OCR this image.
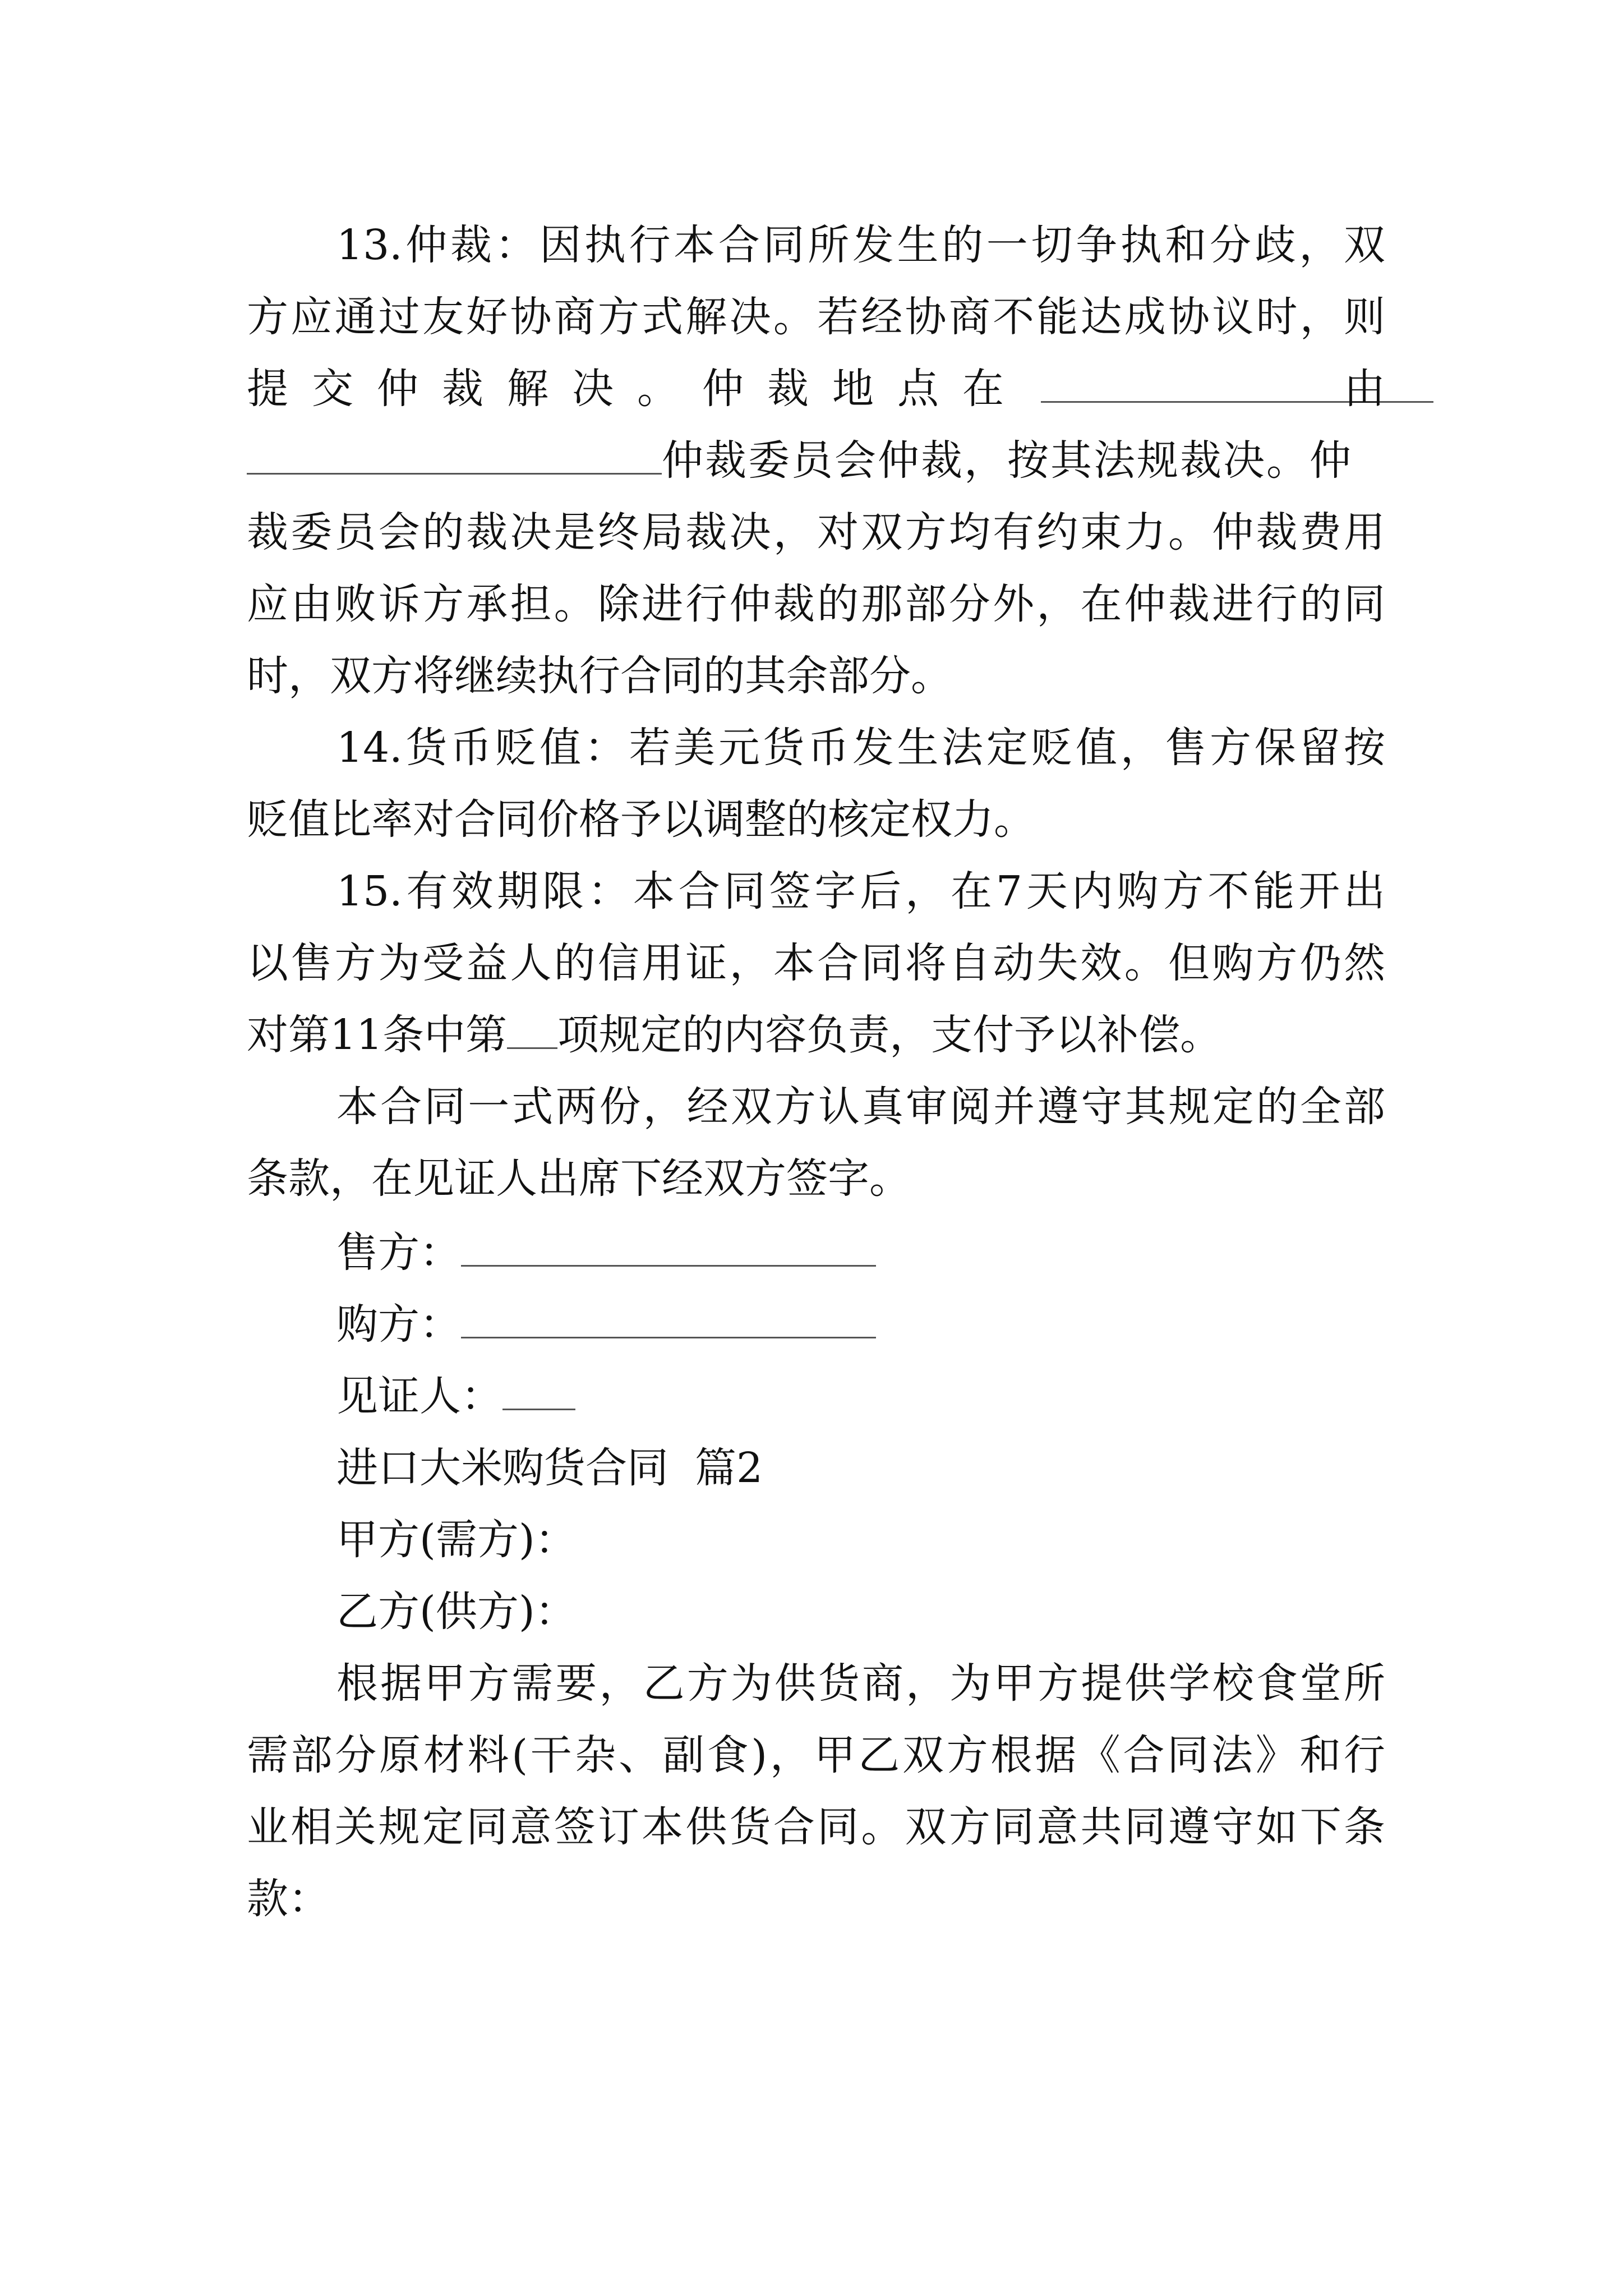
13.仲裁：因执行本合同所发生的一切争执和分歧，双
方应通过友好协商方式解决。若经协商不能达成协议时，则
提交仲裁解决。仲裁地点在	由
仲裁委员会仲裁，按其法规裁决。仲
裁委员会的裁决是终局裁决，对双方均有约束力。仲裁费用
应由败诉方承担。除进行仲裁的那部分外，在仲裁进行的同
时，双方将继续执行合同的其余部分。
14.货币贬值：若美元货币发生法定贬值，售方保留按
贬值比率对合同价格予以调整的核定权力。
15.有效期限：本合同签字后，在7天内购方不能开出
以售方为受益人的信用证，本合同将自动失效。但购方仍然
对第11条中第 项规定的内容负责，支付予以补偿。
本合同一式两份，经双方认真审阅并遵守其规定的全部
条款，在见证人出席下经双方签字。
售方：
购方：
见证人：
进口大米购货合同  篇2
甲方(需方)：
乙方(供方)：
根据甲方需要，乙方为供货商，为甲方提供学校食堂所
需部分原材料(干杂、副食)，甲乙双方根据《合同法》和行
业相关规定同意签订本供货合同。双方同意共同遵守如下条
款：
